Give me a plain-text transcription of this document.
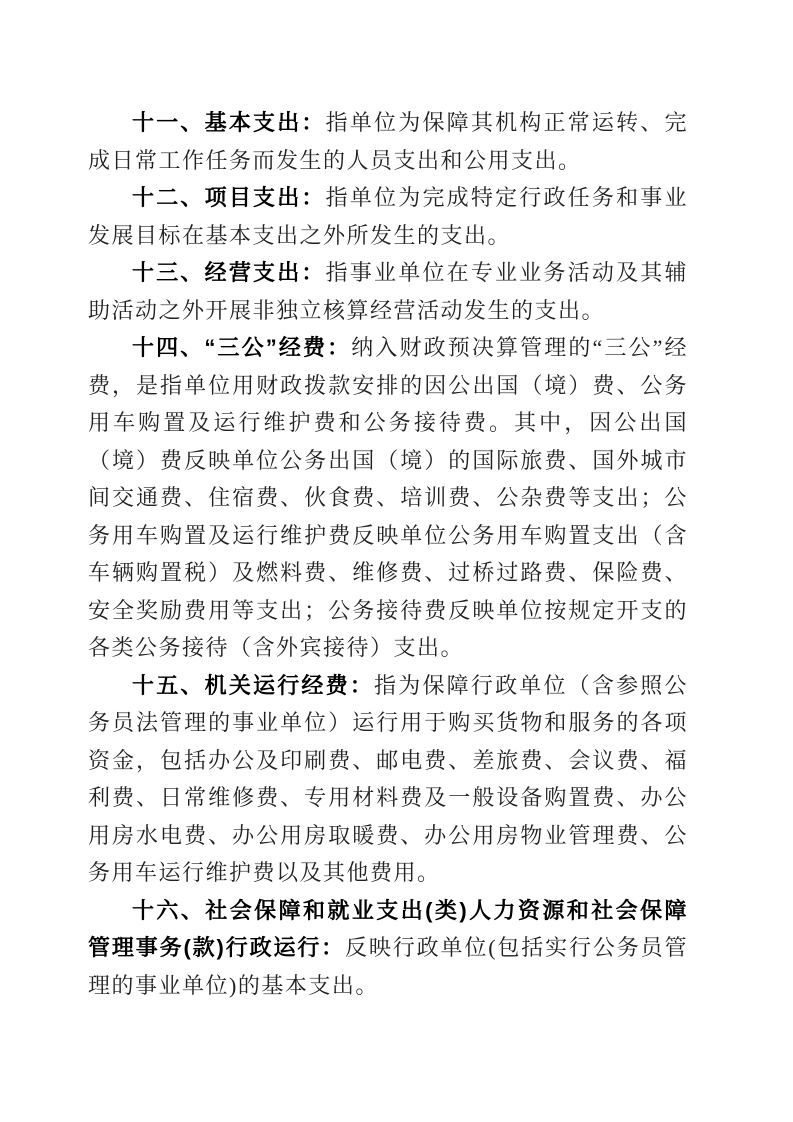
十一、基本支出：指单位为保障其机构正常运转、完成日常工作任务而发生的人员支出和公用支出。

十二、项目支出：指单位为完成特定行政任务和事业发展目标在基本支出之外所发生的支出。

十三、经营支出：指事业单位在专业业务活动及其辅助活动之外开展非独立核算经营活动发生的支出。

十四、“三公”经费：纳入财政预决算管理的“三公”经费，是指单位用财政拨款安排的因公出国（境）费、公务用车购置及运行维护费和公务接待费。其中，因公出国（境）费反映单位公务出国（境）的国际旅费、国外城市间交通费、住宿费、伙食费、培训费、公杂费等支出；公务用车购置及运行维护费反映单位公务用车购置支出（含车辆购置税）及燃料费、维修费、过桥过路费、保险费、安全奖励费用等支出；公务接待费反映单位按规定开支的各类公务接待（含外宾接待）支出。

十五、机关运行经费：指为保障行政单位（含参照公务员法管理的事业单位）运行用于购买货物和服务的各项资金，包括办公及印刷费、邮电费、差旅费、会议费、福利费、日常维修费、专用材料费及一般设备购置费、办公用房水电费、办公用房取暖费、办公用房物业管理费、公务用车运行维护费以及其他费用。

十六、社会保障和就业支出(类)人力资源和社会保障管理事务(款)行政运行：反映行政单位(包括实行公务员管理的事业单位)的基本支出。
